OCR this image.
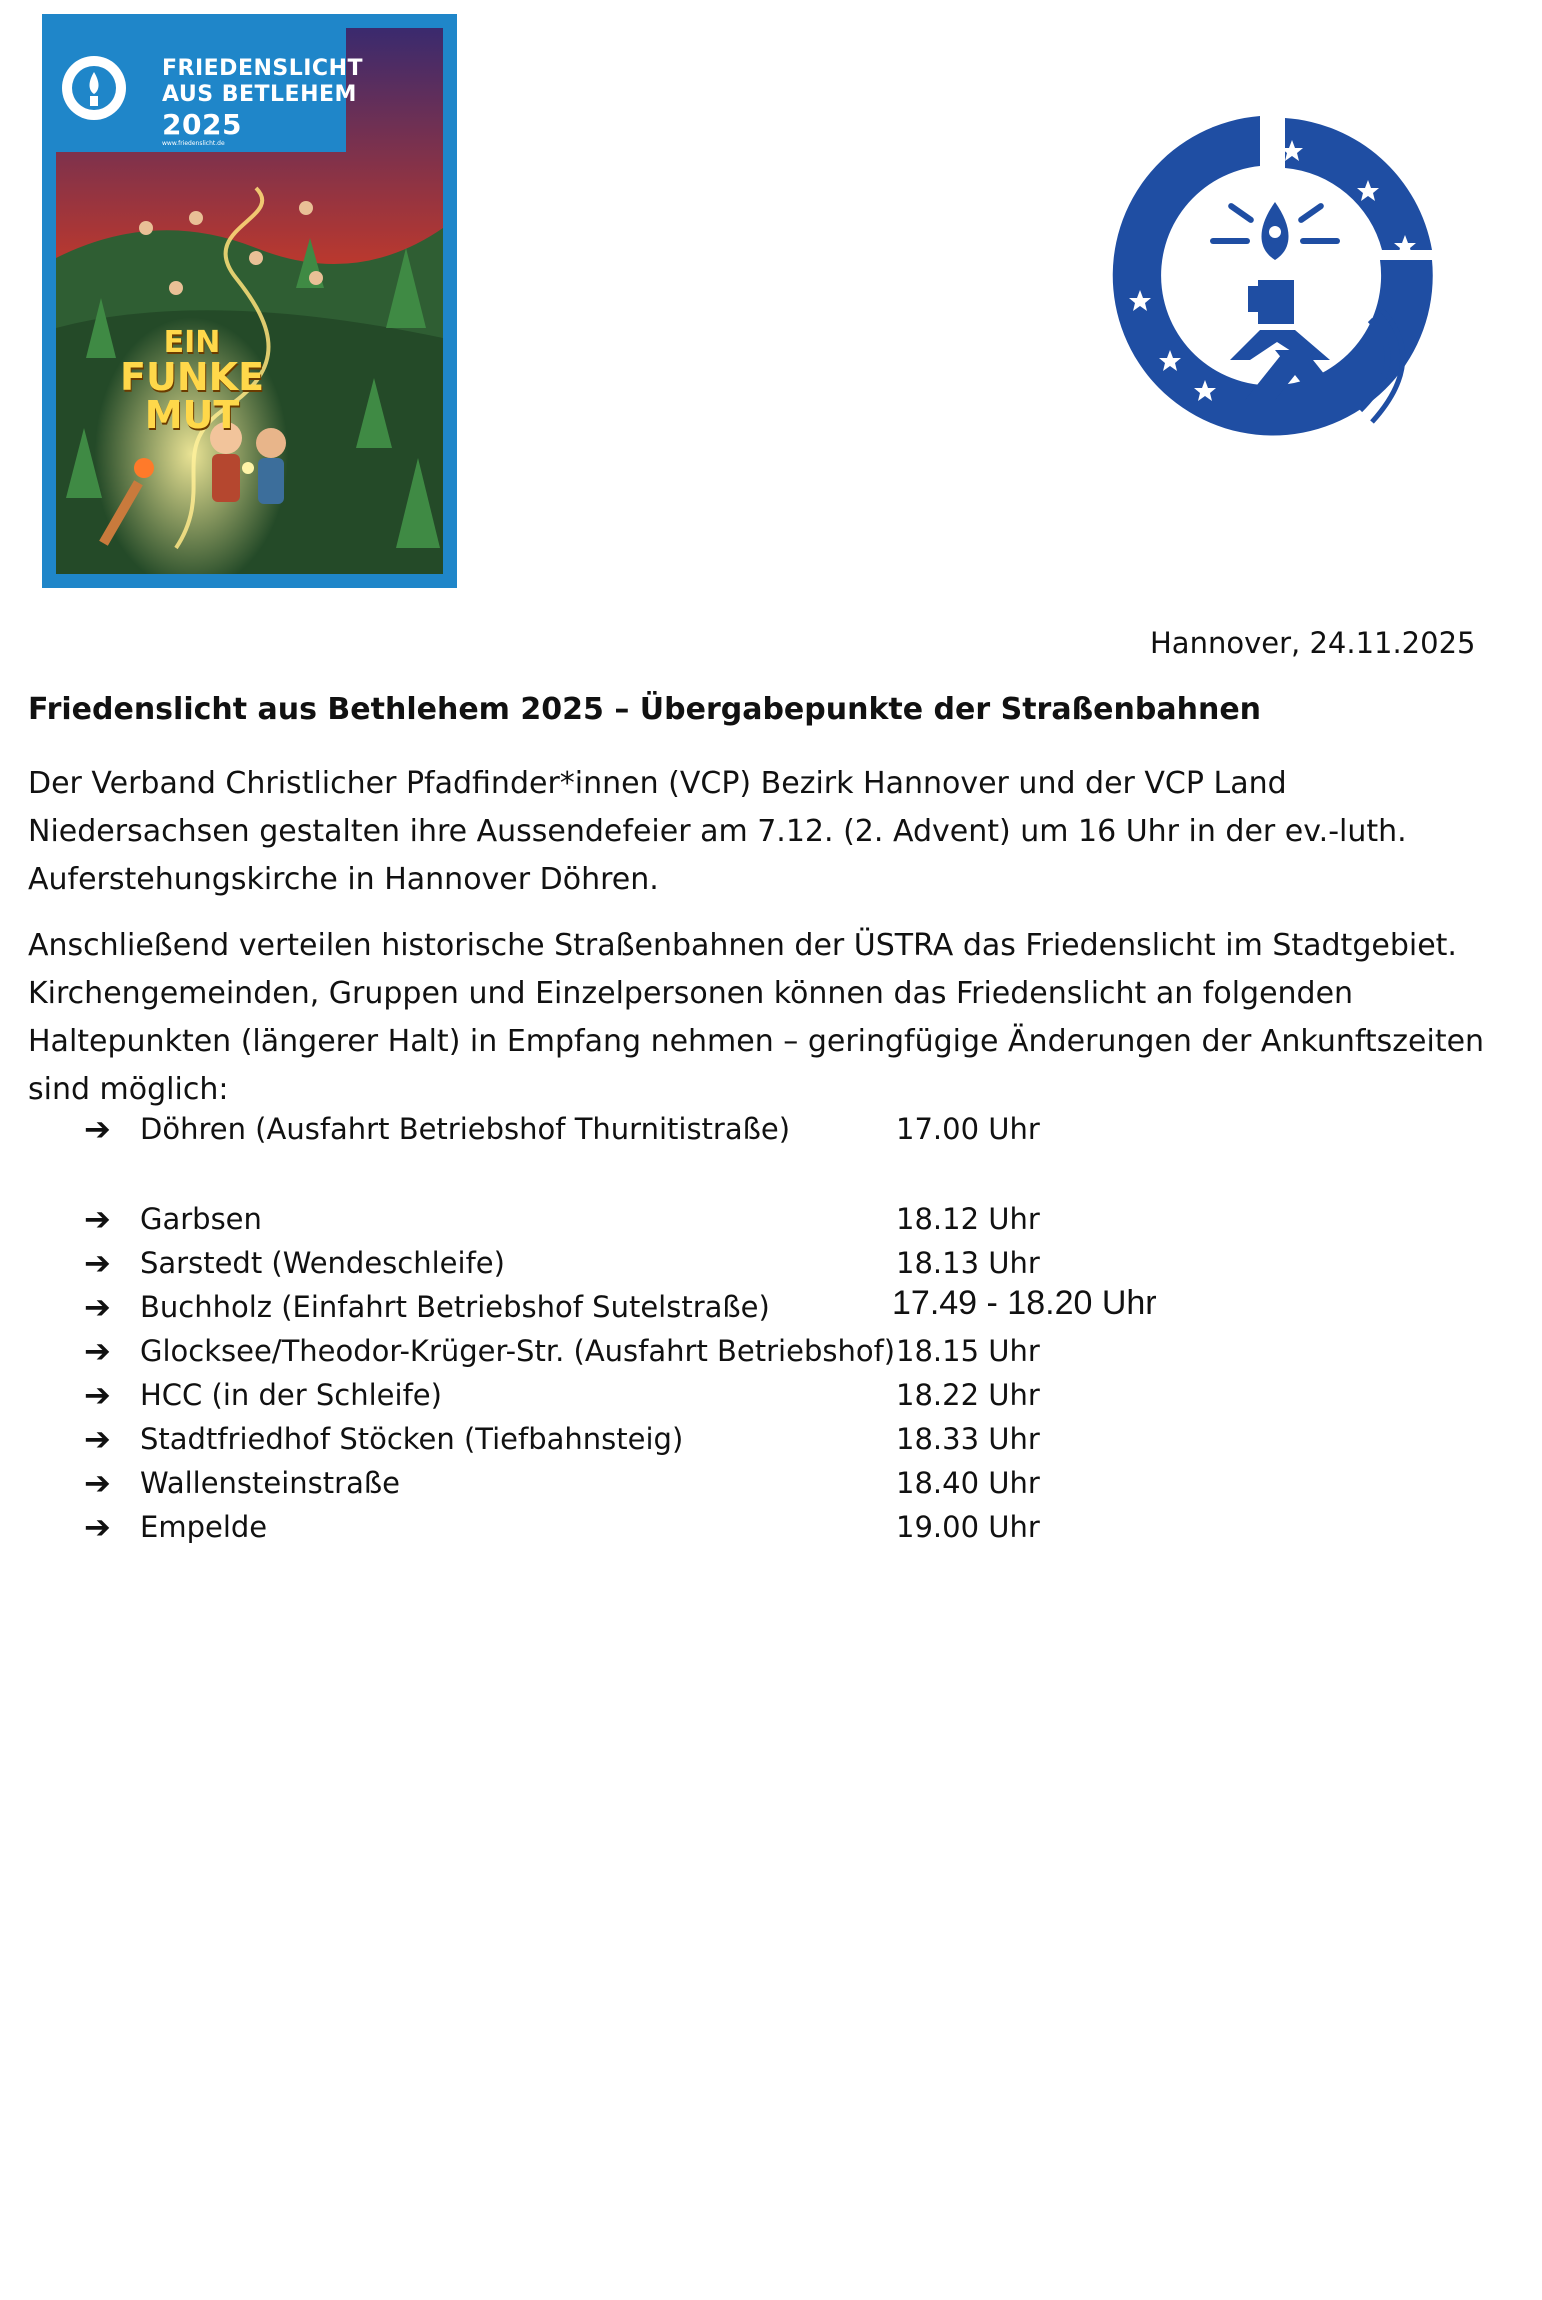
FRIEDENSLICHT
AUS BETLEHEM
2025
www.friedenslicht.de
EIN
FUNKE
MUT
Hannover, 24.11.2025
Friedenslicht aus Bethlehem 2025 – Übergabepunkte der Straßenbahnen

Der Verband Christlicher Pfadfinder*innen (VCP) Bezirk Hannover und der VCP Land Niedersachsen gestalten ihre Aussendefeier am 7.12. (2. Advent) um 16 Uhr in der ev.-luth. Auferstehungskirche in Hannover Döhren.

Anschließend verteilen historische Straßenbahnen der ÜSTRA das Friedenslicht im Stadtgebiet. Kirchengemeinden, Gruppen und Einzelpersonen können das Friedenslicht an folgenden Haltepunkten (längerer Halt) in Empfang nehmen – geringfügige Änderungen der Ankunftszeiten sind möglich:

➔ Döhren (Ausfahrt Betriebshof Thurnitistraße)	17.00 Uhr
➔ Garbsen	18.12 Uhr
➔ Sarstedt (Wendeschleife)	18.13 Uhr
➔ Buchholz (Einfahrt Betriebshof Sutelstraße)	17.49 - 18.20 Uhr
➔ Glocksee/Theodor-Krüger-Str. (Ausfahrt Betriebshof) 18.15 Uhr
➔ HCC (in der Schleife)	18.22 Uhr
➔ Stadtfriedhof Stöcken (Tiefbahnsteig)	18.33 Uhr
➔ Wallensteinstraße	18.40 Uhr
➔ Empelde	19.00 Uhr
